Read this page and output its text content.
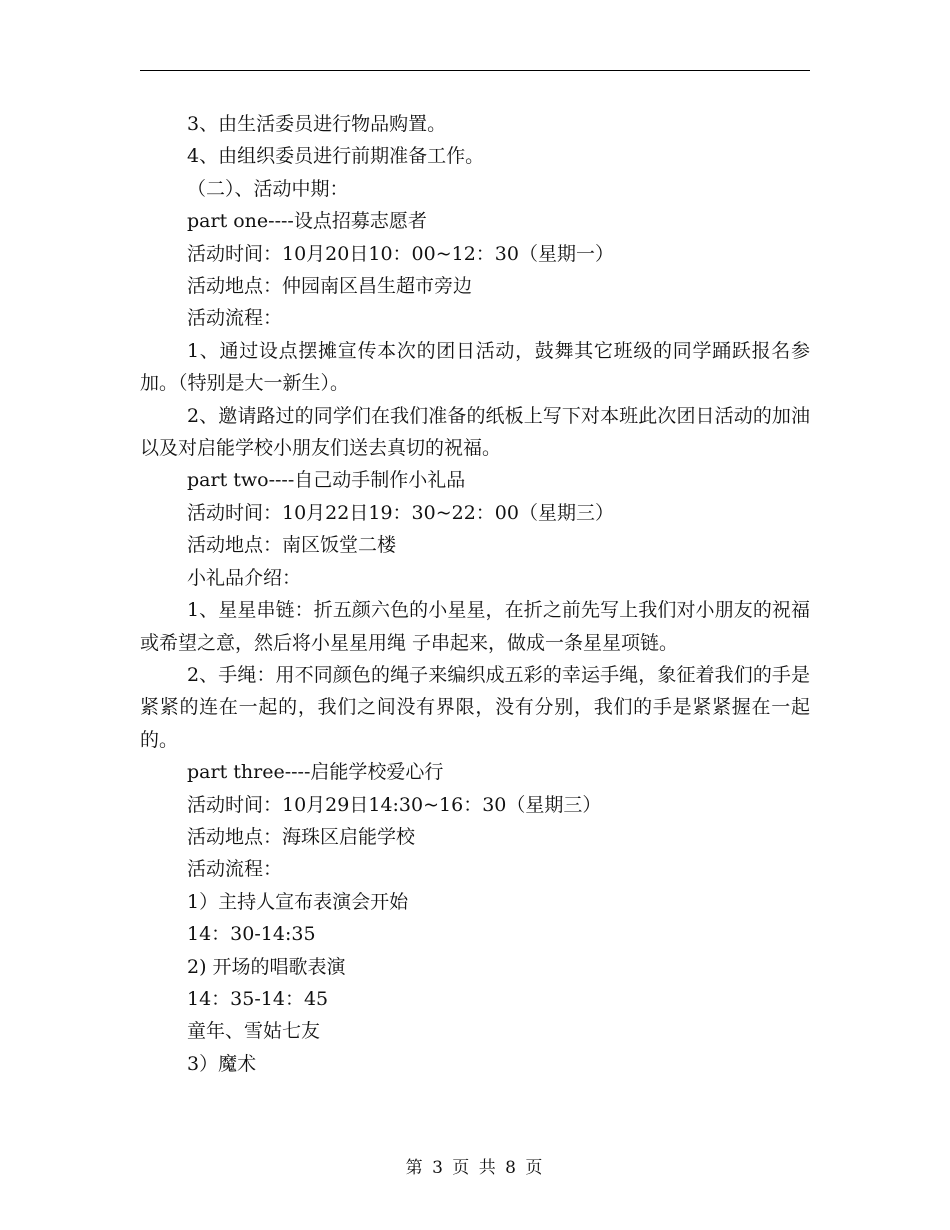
3、由生活委员进行物品购置。
4、由组织委员进行前期准备工作。
（二）、活动中期：
part one----设点招募志愿者
活动时间：10月20日10：00~12：30（星期一）
活动地点：仲园南区昌生超市旁边
活动流程：
1、通过设点摆摊宣传本次的团日活动，鼓舞其它班级的同学踊跃报名参加。（特别是大一新生）。
2、邀请路过的同学们在我们准备的纸板上写下对本班此次团日活动的加油以及对启能学校小朋友们送去真切的祝福。
part two----自己动手制作小礼品
活动时间：10月22日19：30~22：00（星期三）
活动地点：南区饭堂二楼
小礼品介绍：
1、星星串链：折五颜六色的小星星，在折之前先写上我们对小朋友的祝福或希望之意，然后将小星星用绳 子串起来，做成一条星星项链。
2、手绳：用不同颜色的绳子来编织成五彩的幸运手绳，象征着我们的手是紧紧的连在一起的，我们之间没有界限，没有分别，我们的手是紧紧握在一起的。
part three----启能学校爱心行
活动时间：10月29日14:30~16：30（星期三）
活动地点：海珠区启能学校
活动流程：
1）主持人宣布表演会开始
14：30-14:35
2) 开场的唱歌表演
14：35-14：45
童年、雪姑七友
3）魔术
第 3 页 共 8 页
